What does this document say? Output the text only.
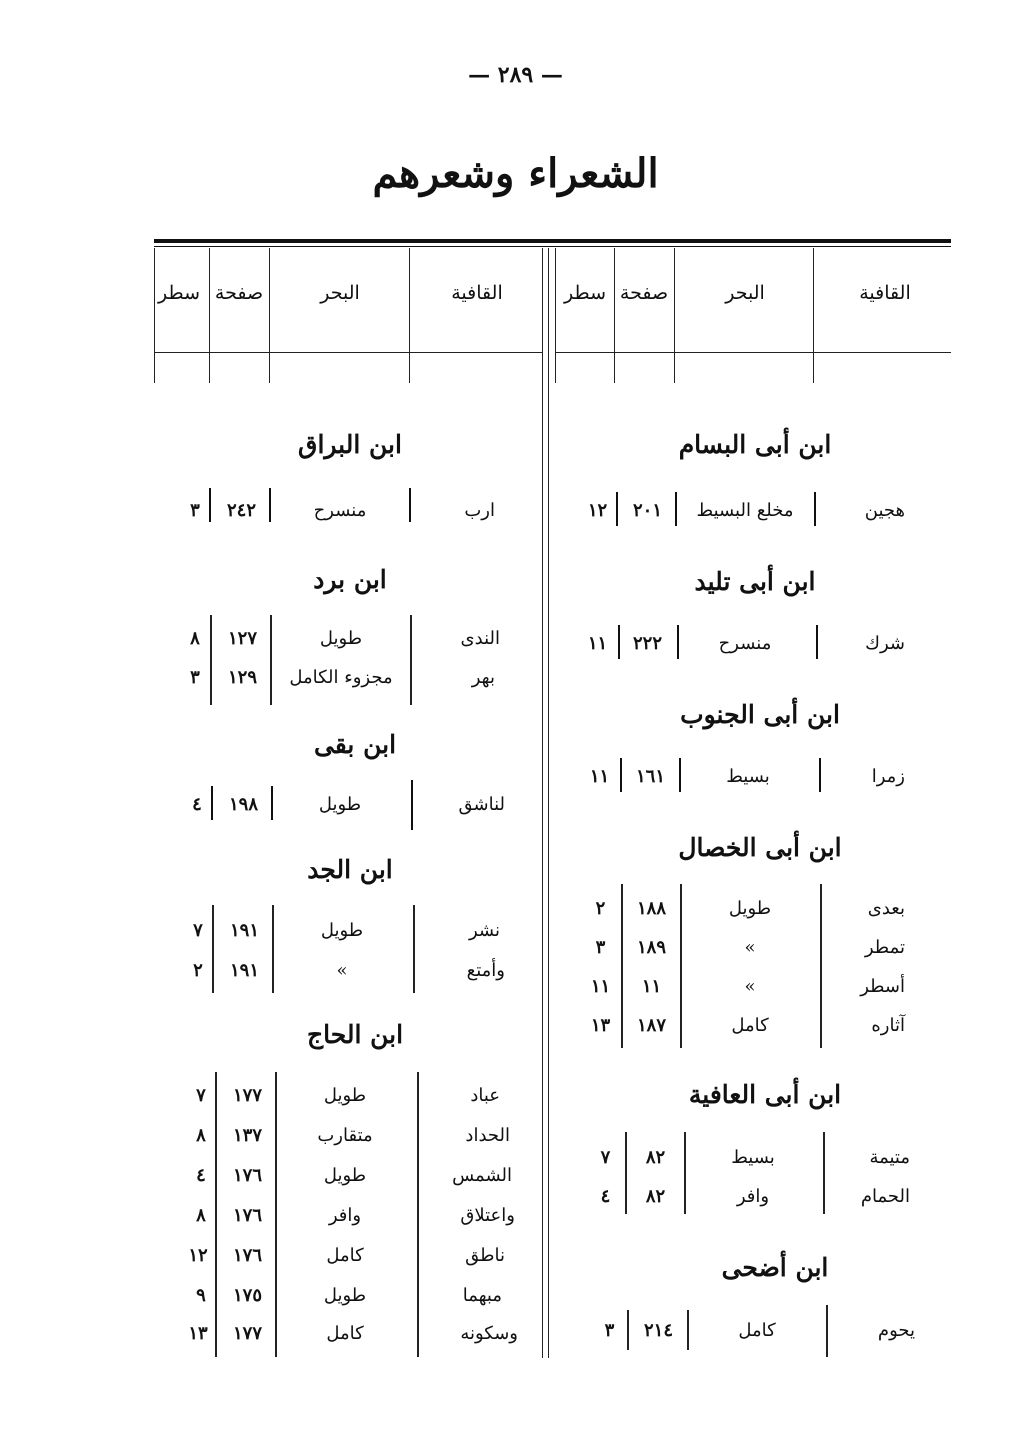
— ٢٨٩ —
الشعراء وشعرهم
القافية
البحر
صفحة
سطر
القافية
البحر
صفحة
سطر
ابن أبى البسام
هجين
مخلع البسيط
٢٠١
١٢
ابن أبى تليد
شرك
منسرح
٢٢٢
١١
ابن أبى الجنوب
زمرا
بسيط
١٦١
١١
ابن أبى الخصال
بعدى
طويل
١٨٨
٢
تمطر
«
١٨٩
٣
أسطر
«
١١
١١
آثاره
كامل
١٨٧
١٣
ابن أبى العافية
متيمة
بسيط
٨٢
٧
الحمام
وافر
٨٢
٤
ابن أضحى
يحوم
كامل
٢١٤
٣
ابن البراق
ارب
منسرح
٢٤٢
٣
ابن برد
الندى
طويل
١٢٧
٨
بهر
مجزوء الكامل
١٢٩
٣
ابن بقى
لناشق
طويل
١٩٨
٤
ابن الجد
نشر
طويل
١٩١
٧
وأمتع
«
١٩١
٢
ابن الحاج
عباد
طويل
١٧٧
٧
الحداد
متقارب
١٣٧
٨
الشمس
طويل
١٧٦
٤
واعتلاق
وافر
١٧٦
٨
ناطق
كامل
١٧٦
١٢
مبهما
طويل
١٧٥
٩
وسكونه
كامل
١٧٧
١٣
